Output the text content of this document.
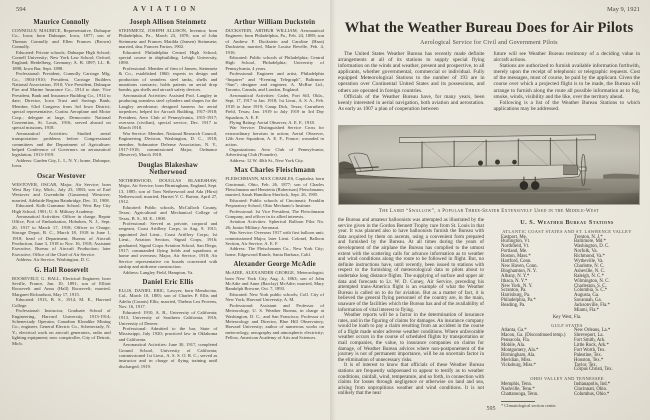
594	AVIATION	May 9, 1921
Maurice Connolly

CONNOLLY, MAURICE, Representative, Dubuque Co., Iowa; born Dubuque, Iowa, 1877; son of Thomas Connolly and Ellen Frances (Brown) Connolly.

Educated: Private schools; Dubuque High School; Cornell University; New York Law School; Oxford, England; Heidelberg, Germany; A. B. 1897; LL. B. 1898; Iowa Bar, Sept. 1898.

Professional: President, Connolly Carriage Mfg. Co., 1904-1910; President, Carriage Builders National Association, 1910; Vice President, Dubuque Fire and Marine Insurance Co., 1914 to date; Vice President, Bank and Insurance Building Co., 1914 to date; Director, Iowa Trust and Savings Bank; Member, 63rd Congress from 3rd Iowa District; special representative, Curtiss Aeroplane and Motor Corp.; delegate at large, Democratic National Convention, St. Louis, 1916; served abroad on special missions, 1918.

Aeronautical Activities: Studied aerial transportation problems before Congressional committees and the Department of Agriculture; helped Conference of Governors on aeronautical legislation, 1913-1919.

Address: Garden City, L. I., N. Y.; home, Dubuque, Iowa.

Oscar Westover

WESTOVER, OSCAR, Major, Air Service; born West Bay City, Mich., July 23, 1883; son of Earl Westover and Gwendolin (Gautreau) Westover; married, Adelaide Regina Bainbridge, Dec. 31, 1908.

Educated: Kolb Grammar School; West Bay City High School, 1901; U. S. Military Academy.

Aeronautical Activities: Officer in charge, Repair Office, Port of Embarkation, Hoboken, N. J., Sept. 20, 1917 to March 17, 1918; Officer in Charge, Storage Depot, B. C., March 18, 1918 to June 1, 1918; head of Department, Bureau of Aircraft Production, June 3, 1918 to Nov. 16, 1918; Assistant Executive, Bureau of Aircraft Production; later Executive, Office of the Chief of Air Service.

Address: Air Service, Washington, D. C.

G. Hall Roosevelt

ROOSEVELT, G. HALL, Electrical Engineer; born Seville, France, Jan. 10, 1891; son of Elliott Roosevelt and Anna (Hall) Roosevelt; married, Margaret Richardson, May 17, 1915.

Educated: 1913, B. S., 1914, M. E., Harvard College.

Professional: Instructor, Graduate School of Engineering, Harvard University, 1913-1914; Schenectady Operator, Canadian Klondike Mining Co.; engineer, General Electric Co., Schenectady, N. Y.; electrical work on aircraft generators, radio and lighting equipment; now comptroller, City of Detroit, Mich.

Joseph Allison Steinmetz

STEINMETZ, JOSEPH ALLISON, Inventor; born Philadelphia, Pa., March 23, 1870; son of John Steinmetz and Frances Matilda (Jansen) Steinmetz; married, dau. Frances Farion, 1902.

Educated: Philadelphia Central High School; special course in shipbuilding, Lehigh University, 1890.

Professional: Member of firm of Jansen, Steinmetz & Co., established 1860; experts in design and production of seamless steel tanks, shells and munitions contracts; holds patents on aerial drop bombs, gas shells and aircraft safety devices.

Aeronautical Activities: Assisted Prof. Langley in producing seamless steel cylinders and shapes for the Langley aerodrome; designed harness for aerial torpedoes; helped for Aircraft Building, 1917-1918; President, Aero Club of Pennsylvania, 1915-1917; overseas (civilian), special service, Dec. 1917 to March 1918.

War Service: Member, National Research Council, Engineering Division, Washington, D. C., 1918; member, Submarine Defense Association, N. Y., 1917-1918; commissioned Major, Ordnance (Reserve), March 1918.

Douglas Blakeshaw Netherwood

NETHERWOOD, DOUGLAS BLAKESHAW, Major, Air Service; born Birmingham, England, Sept. 13, 1885; son of Tom Netherwood and Ada (Hirst) Netherwood; married, Harriet V. C. Barton, April 27, 1912.

Educated: Public schools, McCulloch County, Texas; Agricultural and Mechanical College of Texas, B. S., M. E., 1908.

Professional: Served as private, corporal and sergeant, Coast Artillery Corps, to Aug. 9, 1911; appointed 2nd Lieut., Coast Artillery Corps; 1st Lieut., Aviation Section, Signal Corps, 1916; graduated, Signal Corps Aviation School, San Diego, 1917; commanded flying fields and squadrons at home and overseas; Major, Air Service, 1918; Air Service representative on boards concerned with airship and airdrome construction.

Address: Langley Field, Hampton, Va.

Daniel Eric Ellis

ELLIS, DANIEL ERIC, Lawyer; born Mendocino, Cal., March 10, 1883; son of Charles P. Ellis and Adelia (Counts) Ellis; married, Thelma Lea Provens, Nov. 16, 1917.

Educated: 1910, A. B., University of California; 1913, University of Southern California; 1916, University of Denver.

Professional: Admitted to the bar, State of Mississippi, July 1920; practiced law in Oklahoma and California.

Aeronautical Activities: June 30, 1917, completed Ground School, University of California; commissioned 1st Lieut., A. S. S. O. R. C.; served as instructor and in charge of flying training until discharged, 1919.

Arthur William Duckstein

DUCKSTEIN, ARTHUR WILLIAM, Aeronautical Engineer; born Philadelphia, Pa., Feb. 24, 1889; son of Andrew F. Duckstein and Caroline (Haas) Duckstein; married, Marie Louise Revelle, Feb. 4, 1916.

Educated: Public schools of Philadelphia; Central High School, Philadelphia; University of Pennsylvania, 4 years.

Professional: Engineer and artist, Philadelphia “Inquirer” and “Evening Telegraph”, Baltimore “Sun”; designer and engineer, A. McRae Ltd., Toronto, Canada, and London, England.

Aeronautical Activities: Cadet, Fort Sill, Okla., Sept. 17, 1917 to Jan. 1918; 1st Lieut., A. S. A., Feb. 1918 to June 1919; Camp Dick, Texas; Carruthers Field, Texas; Jan. 1919 to July 1919 in 3rd Day Squadron, A. E. F.

Flying Rating: Aerial Observer, A. E. F., 1918.

War Service: Distinguished Service Cross for extraordinary heroism in action; Aerial Observer, 12th Aero Squadron, A. E. F., France; wounded in action.

Organizations: Aero Club of Pennsylvania; Advertising Club (Founder).

Address: 12 W. 40th St., New York City.

Max Charles Fleischmann

FLEISCHMANN, MAX CHARLES, Capitalist; born Cincinnati, Ohio, Feb. 26, 1877; son of Charles Fleischmann and Henrietta (Robertson) Fleischmann; married, Sarah Hamilton Sherlock, Sept. 26, 1905.

Educated: Public schools of Cincinnati; Franklin Preparatory School; Ohio Mechanic's Institute.

Professional: 1st Vice President, The Fleischmann Company, and officer in its allied interests.

Aviation Activities: Spherical Balloon Pilot No. 26; Junior Military Aeronaut.

War Service: Overseas 1917 with first balloon unit; commissioned Major, later Lieut. Colonel, Balloon Section, Air Service, A. E. F.

Address: The Fleischmann Co., New York City; home, Edgewood Ranch, Santa Barbara, Calif.

Alexander George McAdie

McADIE, ALEXANDER GEORGE, Meteorologist; born New York City, Aug. 4, 1863; son of John McAdie and Anne (Barclay) McAdie; married, Mary Randolph Browne, Oct. 7, 1893.

Educated: New York public schools; Coll. City of New York; Harvard University, A. M.

Professional: Assistant and Professor of Meteorology, U. S. Weather Bureau, in charge at Washington, D. C., and San Francisco; Professor of Meteorology and Director, Blue Hill Observatory, Harvard University; author of numerous works on meteorology, aerography and atmospheric electricity; Fellow, American Academy of Arts and Sciences.

What the Weather Bureau Does for Air Pilots
Aerological Service for Civil and Government Pilots

The United States Weather Bureau has recently made definite arrangements at all of its stations to supply special flying information on the winds and weather, present and prospective, to all applicants, whether governmental, commercial or individual. Fully equipped Meteorological Stations to the number of 193 are in operation over Continental United States and its possessions, and others are operated in foreign countries.

Officials of the Weather Bureau have, for many years, been keenly interested in aerial navigation, both aviation and aerostation. As early as 1907 a plan of cooperation between

future will see Weather Bureau testimony of a deciding value in aircraft actions.

Stations are authorized to furnish available information forthwith, merely upon the receipt of telephonic or telegraphic requests. Cost of the messages, must of course, be paid by the applicant. Given the course over which a projected flight is to be made, the Bureau will arrange to furnish along the route all possible information as to fog, smoke, winds, visibility and the like, over the territory ahead.

Following is a list of the Weather Bureau Stations to which applications may be addressed.

The Laird “Swallow”, a Popular Three-Seater Extensively Used in the Middle-West

the Bureau and amateur balloonists was attempted as illustrated by the service given in the Gordon Bennett Trophy race from St. Louis in that year. It was planned also to have balloonists furnish the Bureau with data acquired by them on ascents, using a convenient form prepared and furnished by the Bureau. At all times during the years of development of the airplane the Bureau has complied to the utmost extent with the scattering calls for advance information as to weather and wind conditions along the route to be followed in flight. But, no definite instructions have, until recently, been issued to stations with respect to the furnishing of meteorological data to pilots about to undertake long distance flights. The supplying of surface and upper air data and forecasts to Lt. W. D. Coney, Air Service, preceding his attempted trans-America flight is an example of what the Weather Bureau is called on to do for aviation. But as a matter of fact, it is believed the general flying personnel of the country are, in the main, unaware of the facilities which the Bureau has and of the availability of information of vital interest to flying.

Weather reports will be a factor in the determination of insurance rates, and in the figuring of claims for damages. An insurance company would be loath to pay a claim resulting from an accident in the course of a flight made under adverse weather conditions. Where unfavorable weather occurs in the course of scheduled flights by transportation or mail companies, the value, to insurance companies on claims for damage, of Weather Bureau advices where non-postponement of the journey is not of permanent importance, will be an uncertain factor in the elimination of unnecessary risks.

It is of interest to know that officials of these Weather Bureau stations are frequently subpoenaed to appear to testify as to weather conditions, rainfall, wind, temperature, and so forth, in connection with claims for losses through negligence or otherwise on land and sea, arising from unpropitious weather and wind conditions. It is not unlikely that the near

U. S. Weather Bureau Stations
ATLANTIC COAST STATES AND ST. LAWRENCE VALLEY
Eastport, Me.
Burlington, Vt.
Northfield, Vt.
Portland, Me.
Boston, Mass.*
Hartford, Conn.
New Haven, Conn.
Binghamton, N. Y.
Albany, N. Y.*
Ithaca, N. Y.*
New York, N. Y.
Scranton, Pa.
Harrisburg, Pa.
Philadelphia, Pa.*
Reading, Pa.
Trenton, N. J.*
Baltimore, Md.*
Washington, D. C.
Norfolk, Va.
Richmond, Va.*
Wytheville, Va.
Charlotte, N. C.
Asheville, N. C.
Raleigh, N. C.*
Wilmington, N. C.
Charleston, S. C.
Columbia, S. C.*
Augusta, Ga.
Savannah, Ga.
Jacksonville, Fla.*
Miami, Fla.*
Key West, Fla.
GULF STATES
Atlanta, Ga.*
Macon, Ga. (Discontinued temp.)
Pensacola, Fla.
Mobile, Ala.
Montgomery, Ala.*
Birmingham, Ala.
Meridian, Miss.
Vicksburg, Miss.*
New Orleans, La.*
Shreveport, La.
Fort Smith, Ark.
Little Rock, Ark.*
Fort Worth, Tex.
Palestine, Tex.
Houston, Tex.*
Taylor, Tex.
Corpus Christi, Tex.
OHIO VALLEY AND TENNESSEE
Memphis, Tenn.
Nashville, Tenn.*
Chattanooga, Tenn.
Indianapolis, Ind.*
Cincinnati, Ohio.
Columbus, Ohio.*
* Climatological section center.
595
